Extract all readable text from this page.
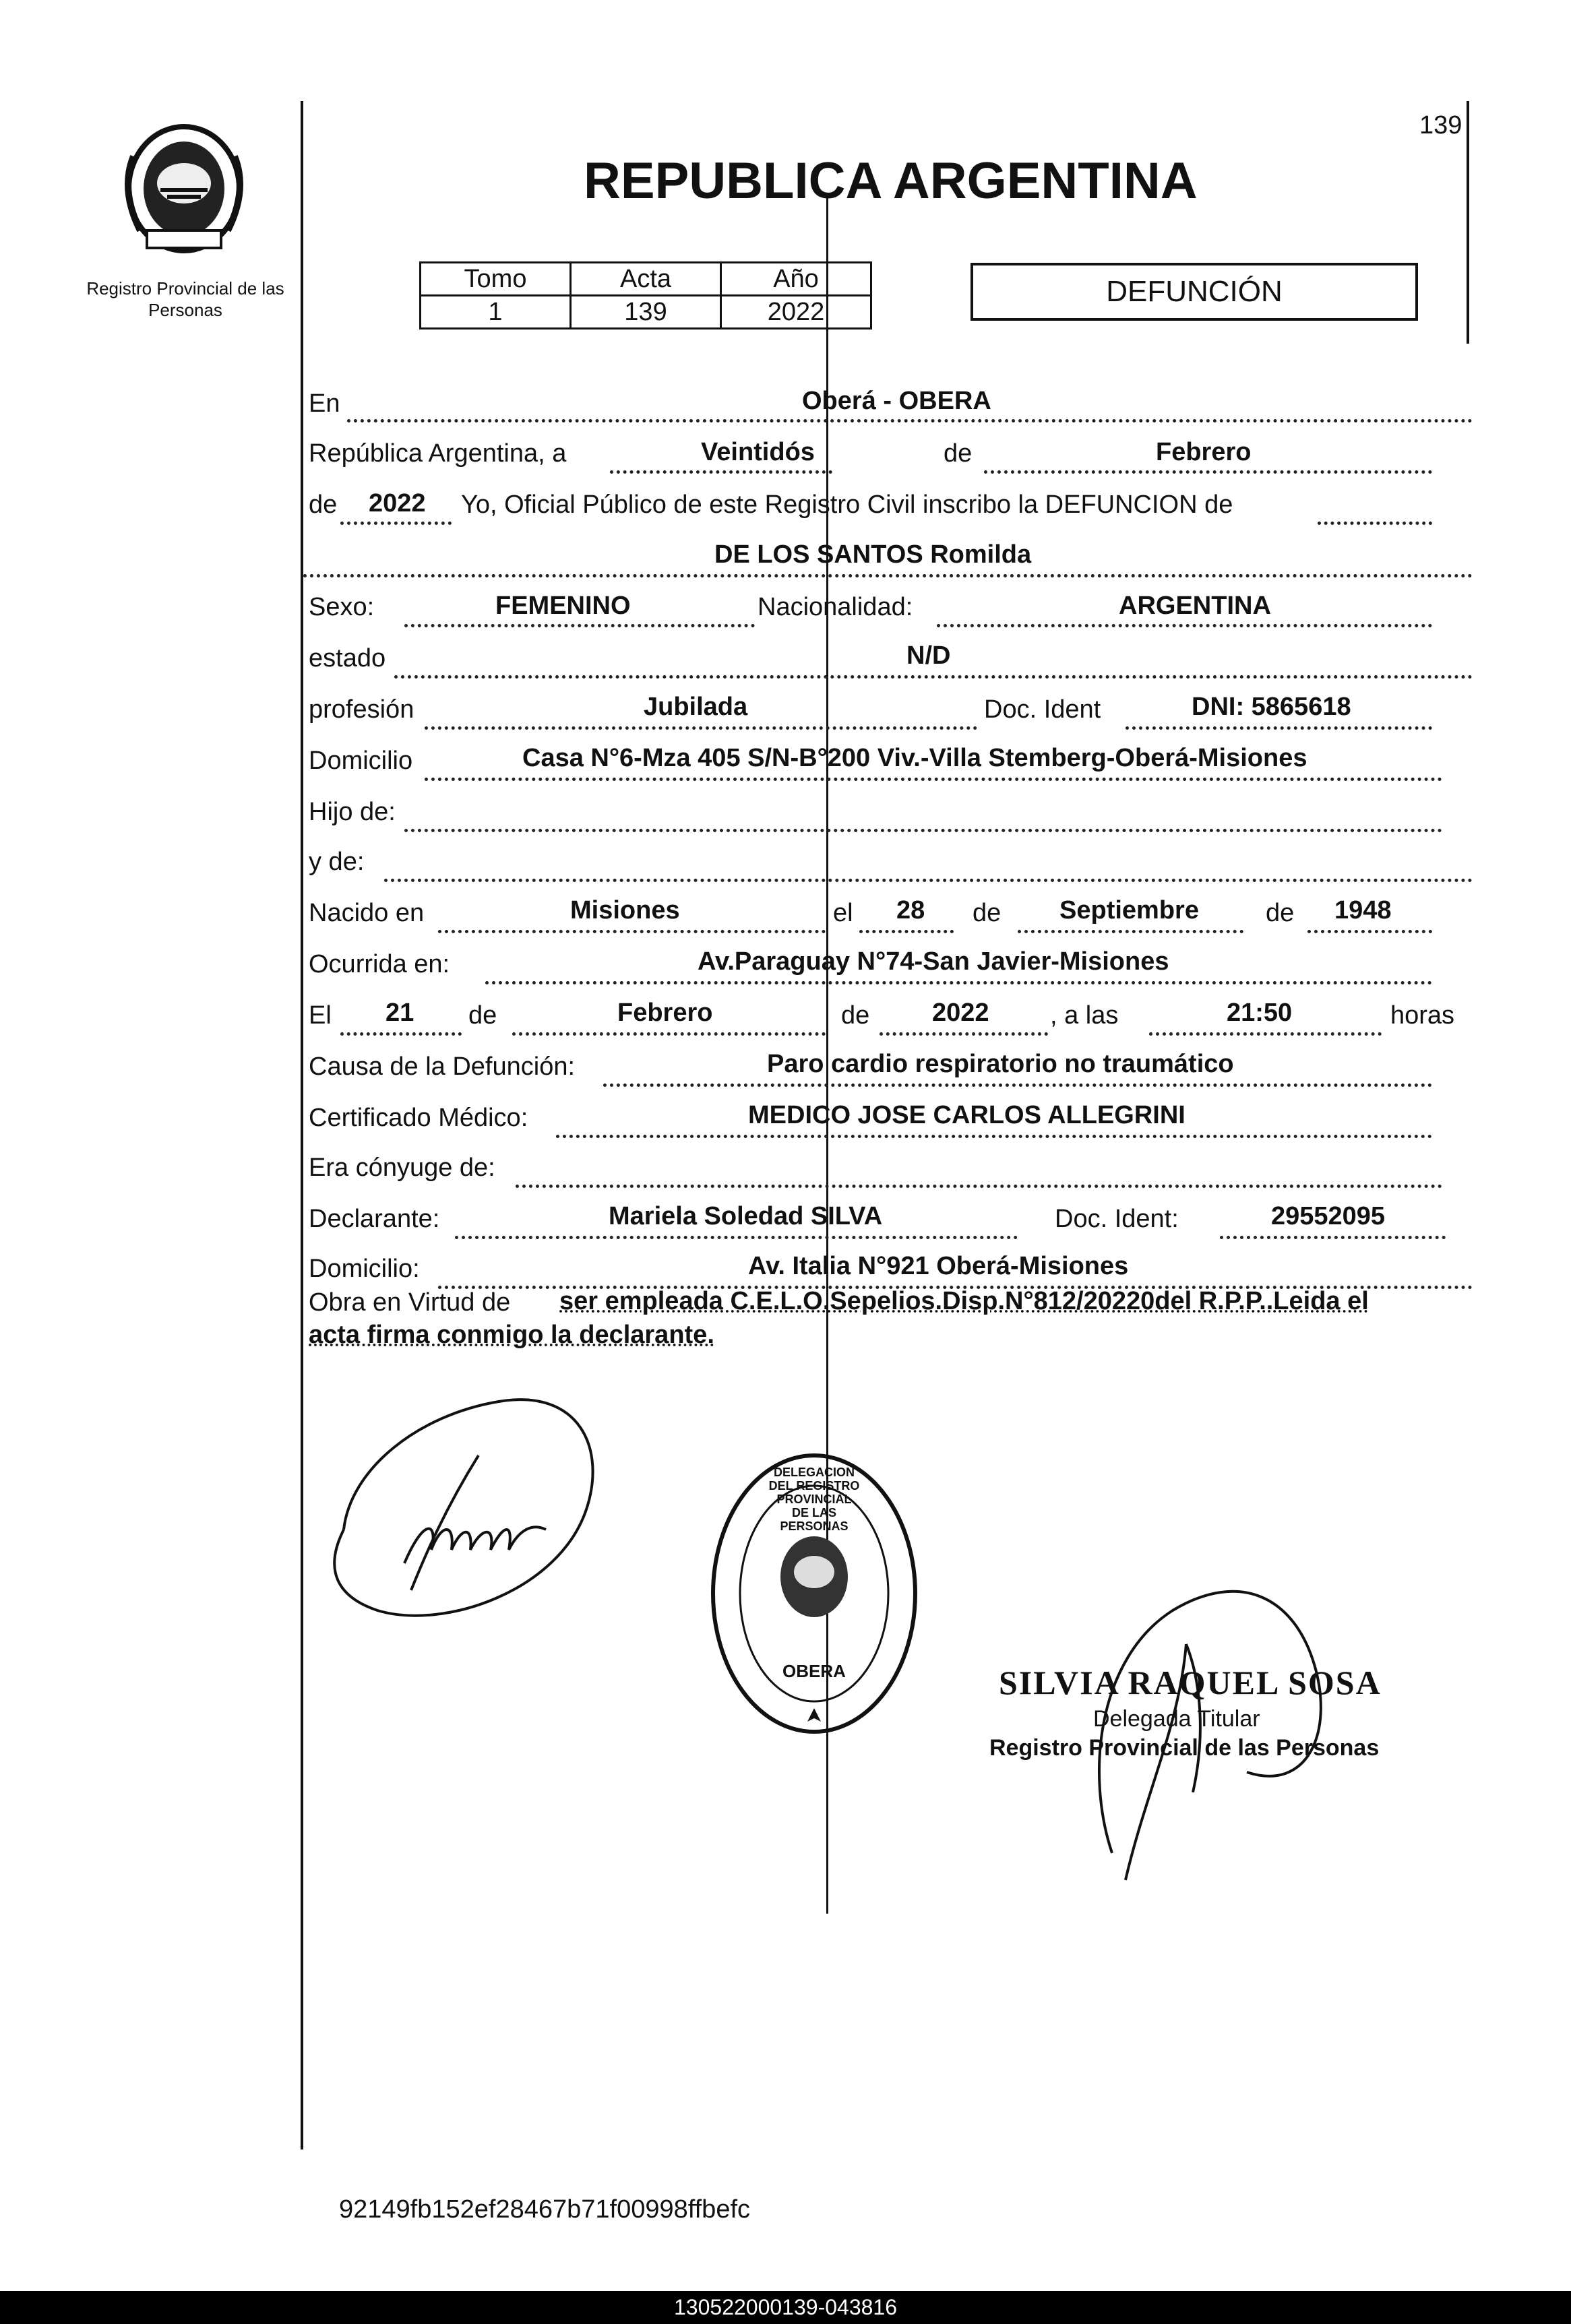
139
Registro Provincial de las Personas
REPUBLICA ARGENTINA
Tomo	Acta	Año
1	139	2022
DEFUNCIÓN
En	Oberá - OBERA
República Argentina, a	Veintidós	de	Febrero
de 2022 Yo, Oficial Público de este Registro Civil inscribo la DEFUNCION de
DE LOS SANTOS Romilda
Sexo:	FEMENINO	Nacionalidad:	ARGENTINA
estado	N/D
profesión	Jubilada	Doc. Ident	DNI: 5865618
Domicilio	Casa N°6-Mza 405 S/N-B°200 Viv.-Villa Stemberg-Oberá-Misiones
Hijo de:
y de:
Nacido en	Misiones	el 28 de Septiembre	de 1948
Ocurrida en:	Av.Paraguay N°74-San Javier-Misiones
El 21 de	Febrero	de 2022 , a las	21:50	horas
Causa de la Defunción:	Paro cardio respiratorio no traumático
Certificado Médico:	MEDICO JOSE CARLOS ALLEGRINI
Era cónyuge de:
Declarante:	Mariela Soledad SILVA	Doc. Ident:	29552095
Domicilio:	Av. Italia N°921 Oberá-Misiones
Obra en Virtud de ser empleada C.E.L.O.Sepelios.Disp.N°812/20220del R.P.P..Leida el
acta firma conmigo la declarante.
DELEGACION DEL REGISTRO PROVINCIAL DE LAS PERSONAS
OBERA	SILVIA RAQUEL SOSA
Delegada Titular
Registro Provincial de las Personas
92149fb152ef28467b71f00998ffbefc
130522000139-043816
